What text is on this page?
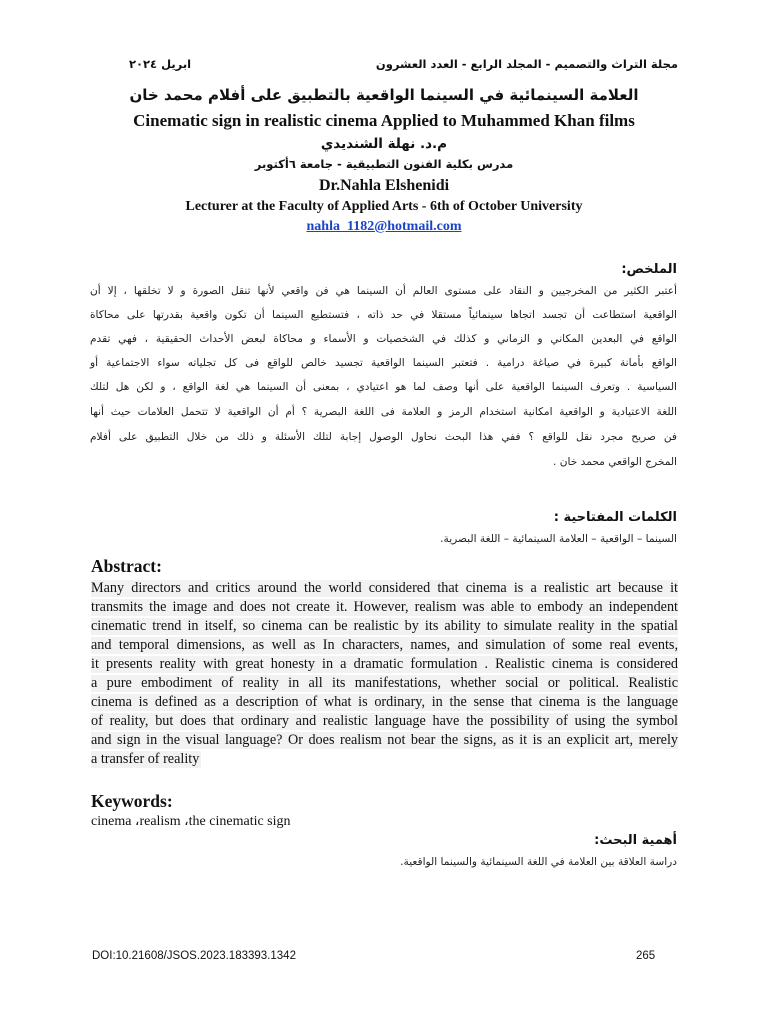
ابريل ٢٠٢٤	مجلة التراث والتصميم - المجلد الرابع - العدد العشرون
العلامة السينمائية في السينما الواقعية بالتطبيق على أفلام محمد خان
Cinematic sign in realistic cinema Applied to Muhammed Khan films
م.د. نهلة الشنديدي
مدرس بكلية الفنون التطبيقية - جامعة ٦أكتوبر
Dr.Nahla Elshenidi
Lecturer at the Faculty of Applied Arts - 6th of October University
nahla_1182@hotmail.com
الملخص:
أعتبر الكثير من المخرجيين و النقاد على مستوى العالم أن السينما هي فن واقعي لأنها تنقل الصورة و لا تخلقها ، إلا أن
الواقعية استطاعت أن تجسد اتجاها سينمائياً مستقلا في حد ذاته ، فتستطيع السينما أن تكون واقعية بقدرتها على محاكاة
الواقع في البعدين المكاني و الزماني و كذلك في الشخصيات و الأسماء و محاكاة لبعض الأحداث الحقيقية ، فهي تقدم
الواقع بأمانة كبيرة في صياغة درامية . فتعتبر السينما الواقعية تجسيد خالص للواقع فى كل تجلياته سواء الاجتماعية أو
السياسية . وتعرف السينما الواقعية على أنها وصف لما هو اعتيادي ، بمعنى أن السينما هي لغة الواقع ، و لكن هل لتلك
اللغة الاعتيادية و الواقعية امكانية استخدام الرمز و العلامة فى اللغة البصرية ؟ أم أن الواقعية لا تتحمل العلامات حيث أنها
فن صريح مجرد نقل للواقع ؟ ففي هذا البحث نحاول الوصول إجابة لتلك الأسئلة و ذلك من خلال التطبيق على أفلام
المخرج الواقعي محمد خان .
الكلمات المفتاحية :
السينما – الواقعية – العلامة السينمائية – اللغة البصرية.
Abstract:
Many directors and critics around the world considered that cinema is a realistic art because it
transmits the image and does not create it. However, realism was able to embody an independent
cinematic trend in itself, so cinema can be realistic by its ability to simulate reality in the spatial
and temporal dimensions, as well as In characters, names, and simulation of some real events,
it presents reality with great honesty in a dramatic formulation . Realistic cinema is considered
a pure embodiment of reality in all its manifestations, whether social or political. Realistic
cinema is defined as a description of what is ordinary, in the sense that cinema is the language
of reality, but does that ordinary and realistic language have the possibility of using the symbol
and sign in the visual language? Or does realism not bear the signs, as it is an explicit art, merely
a transfer of reality
Keywords:
cinema ،realism ،the cinematic sign
أهمية البحث:
دراسة العلاقة بين العلامة في اللغة السينمائية والسينما الواقعية.
DOI:10.21608/JSOS.2023.183393.1342	265
